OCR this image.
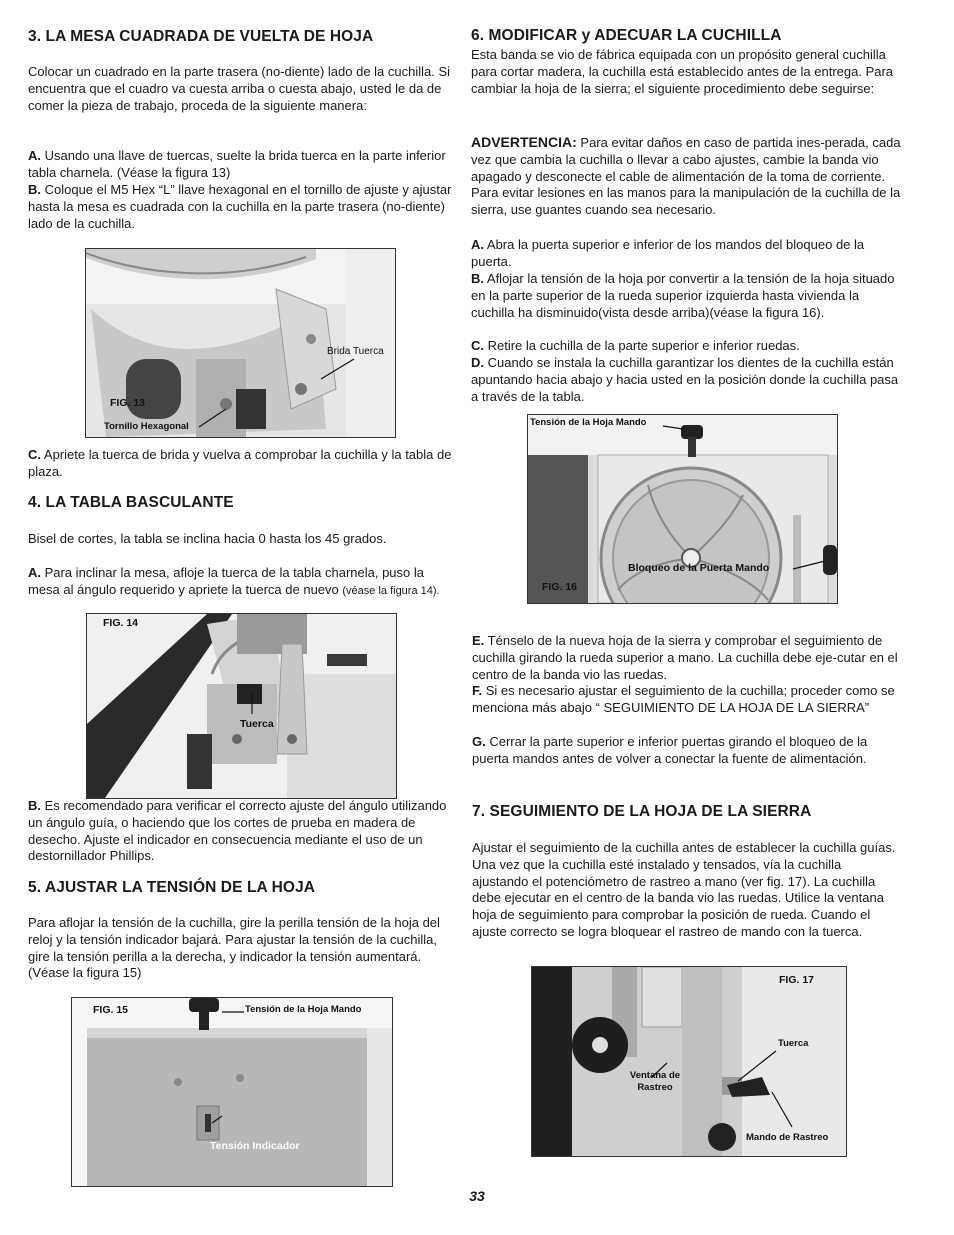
3. LA MESA CUADRADA DE VUELTA DE HOJA
Colocar un cuadrado en la parte trasera (no-diente) lado de la cuchilla. Si encuentra que el cuadro va cuesta arriba o cuesta abajo, usted le da de comer la pieza de trabajo, proceda de la siguiente manera:
A. Usando una llave de tuercas, suelte la brida tuerca en la parte inferior tabla charnela. (Véase la figura 13)
B. Coloque el M5 Hex “L” llave hexagonal en el tornillo de ajuste y ajustar hasta la mesa es cuadrada con la cuchilla en la parte trasera (no-diente) lado de la cuchilla.
FIG. 13
Brida Tuerca
Tornillo Hexagonal
C. Apriete la tuerca de brida y vuelva a comprobar la cuchilla y la tabla de plaza.
4. LA TABLA BASCULANTE
Bisel de cortes, la tabla se inclina hacia 0 hasta los 45 grados.
A. Para inclinar la mesa, afloje la tuerca de la tabla charnela, puso la mesa al ángulo requerido y apriete la tuerca de nuevo (véase la figura 14).
FIG. 14
Tuerca
B. Es recomendado para verificar el correcto ajuste del ángulo utilizando un ángulo guía, o haciendo que los cortes de prueba en madera de desecho. Ajuste el indicador en consecuencia mediante el uso de un destornillador Phillips.
5. AJUSTAR LA TENSIÓN DE LA HOJA
Para aflojar la tensión de la cuchilla, gire la perilla tensión de la hoja del reloj y la tensión indicador bajará. Para ajustar la tensión de la cuchilla, gire la tensión perilla a la derecha, y indicador la tensión aumentará. (Véase la figura 15)
FIG. 15	Tensión de la Hoja Mando
Tensión Indicador
6. MODIFICAR y ADECUAR LA CUCHILLA
Esta banda se vio de fábrica equipada con un propósito general cuchilla para cortar madera, la cuchilla está establecido antes de la entrega. Para cambiar la hoja de la sierra; el siguiente procedimiento debe seguirse:
ADVERTENCIA: Para evitar daños en caso de partida ines-perada, cada vez que cambia la cuchilla o llevar a cabo ajustes, cambie la banda vio apagado y desconecte el cable de alimentación de la toma de corriente. Para evitar lesiones en las manos para la manipulación de la cuchilla de la sierra, use guantes cuando sea necesario.
A. Abra la puerta superior e inferior de los mandos del bloqueo de la puerta.
B. Aflojar la tensión de la hoja por convertir a la tensión de la hoja situado en la parte superior de la rueda superior izquierda hasta vivienda la cuchilla ha disminuido(vista desde arriba)(véase la figura 16).
C. Retire la cuchilla de la parte superior e inferior ruedas.
D. Cuando se instala la cuchilla garantizar los dientes de la cuchilla están apuntando hacia abajo y hacia usted en la posición donde la cuchilla pasa a través de la tabla.
FIG. 16
Tensión de la Hoja Mando
Bloqueo de la Puerta Mando
E. Ténselo de la nueva hoja de la sierra y comprobar el seguimiento de cuchilla girando la rueda superior a mano. La cuchilla debe eje-cutar en el centro de la banda vio las ruedas.
F. Si es necesario ajustar el seguimiento de la cuchilla; proceder como se menciona más abajo “ SEGUIMIENTO DE LA HOJA DE LA SIERRA”
G. Cerrar la parte superior e inferior puertas girando el bloqueo de la puerta mandos antes de volver a conectar la fuente de alimentación.
7. SEGUIMIENTO DE LA HOJA DE LA SIERRA
Ajustar el seguimiento de la cuchilla antes de establecer la cuchilla guías. Una vez que la cuchilla esté instalado y tensados, vía la cuchilla ajustando el potenciómetro de rastreo a mano (ver fig. 17). La cuchilla debe ejecutar en el centro de la banda vio las ruedas. Utilice la ventana hoja de seguimiento para comprobar la posición de rueda. Cuando el ajuste correcto se logra bloquear el rastreo de mando con la tuerca.
FIG. 17
Tuerca
Ventana de Rastreo
Mando de Rastreo
33
